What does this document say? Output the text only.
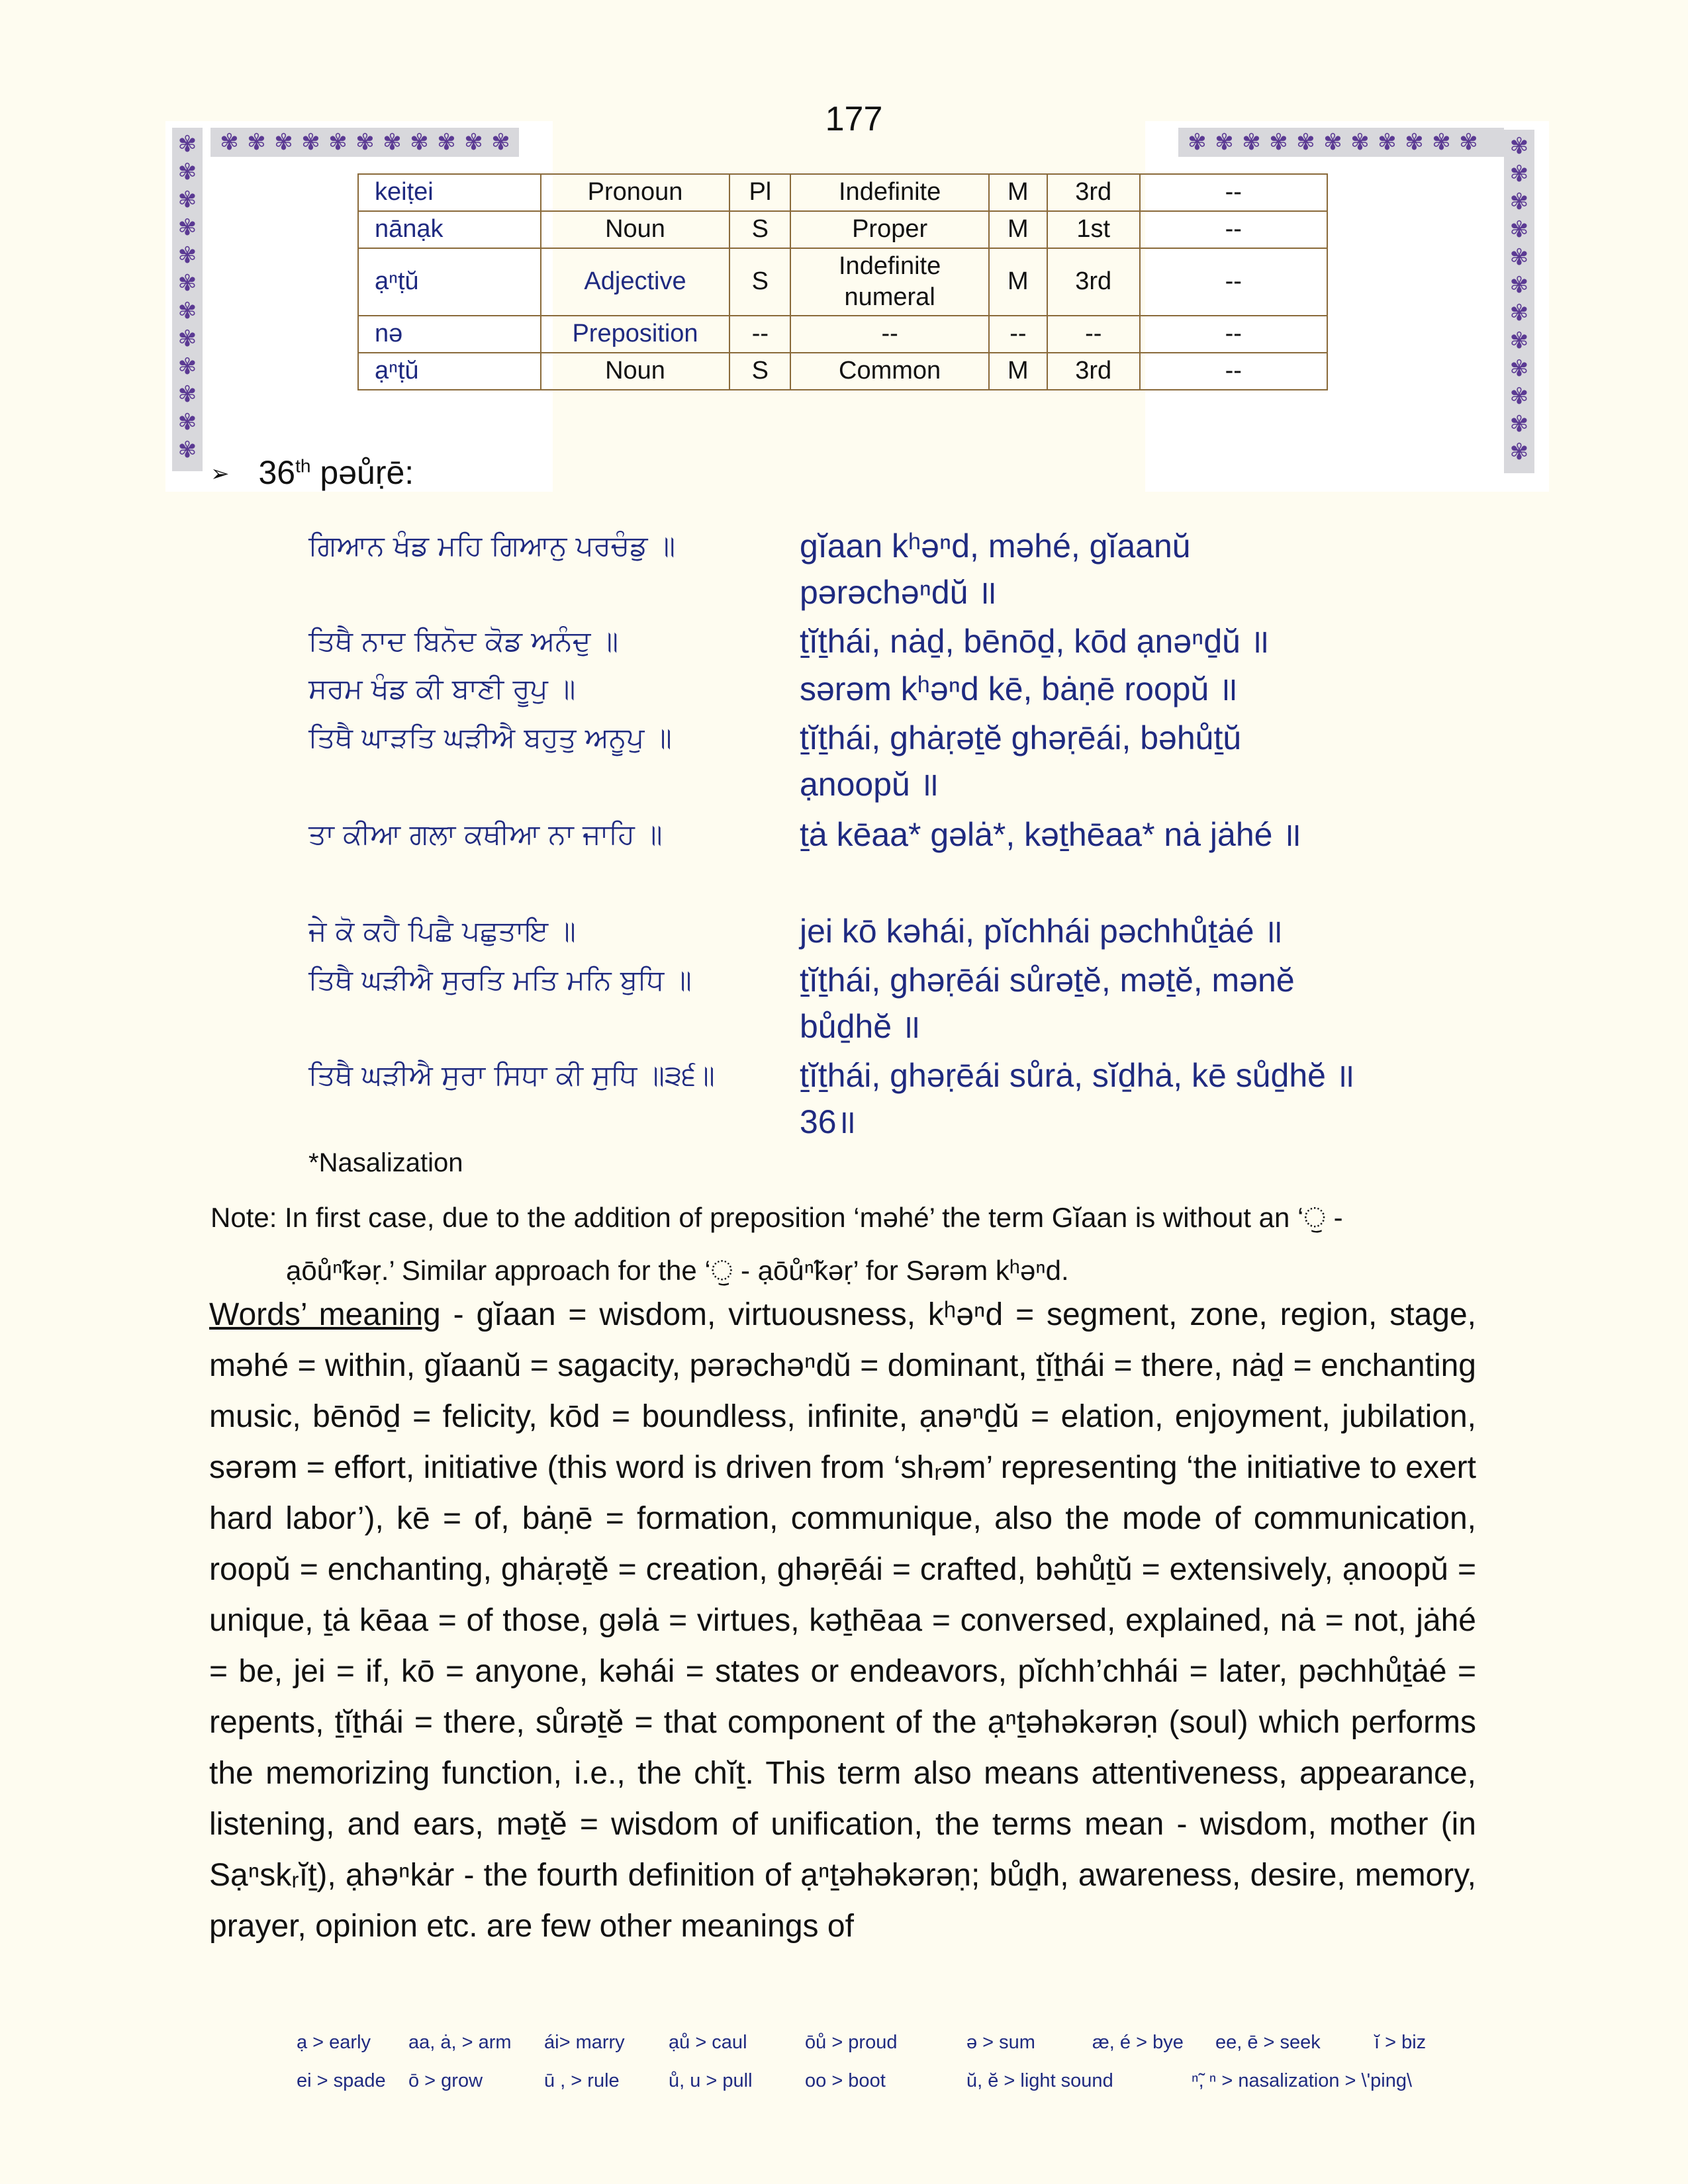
177
✾ ✾ ✾ ✾ ✾ ✾ ✾ ✾ ✾ ✾ ✾	✾ ✾ ✾ ✾ ✾ ✾ ✾ ✾ ✾ ✾ ✾
✾
✾
✾
✾
✾
✾
✾
✾
✾
✾
✾
✾
✾
✾
✾
✾
✾
✾
✾
✾
✾
✾
✾
✾
keiṭei	Pronoun	Pl	Indefinite	M	3rd	--
nānạk	Noun	S	Proper	M	1st	--
ạⁿṭŭ	Adjective	S	Indefinite numeral	M	3rd	--
nə	Preposition	--	--	--	--	--
ạⁿṭŭ	Noun	S	Common	M	3rd	--
➢ 36th pəůṛē:
ਗਿਆਨ ਖੰਡ ਮਹਿ ਗਿਆਨੁ ਪਰਚੰਡੁ ॥	gĭaan kʰəⁿd, məhé, gĭaanŭ pərəchəⁿdŭ ॥
ਤਿਥੈ ਨਾਦ ਬਿਨੋਦ ਕੋਡ ਅਨੰਦੁ ॥	ṯĭṯhái, nȧḏ, bēnōḏ, kōd ạnəⁿḏŭ ॥
ਸਰਮ ਖੰਡ ਕੀ ਬਾਣੀ ਰੂਪੁ ॥	sərəm kʰəⁿd kē, bȧṇē roopŭ ॥
ਤਿਥੈ ਘਾੜਤਿ ਘੜੀਐ ਬਹੁਤੁ ਅਨੂਪੁ ॥	ṯĭṯhái, ghȧṛəṯĕ ghəṛēái, bəhůṯŭ ạnoopŭ ॥
ਤਾ ਕੀਆ ਗਲਾ ਕਥੀਆ ਨਾ ਜਾਹਿ ॥	ṯȧ kēaa* gəlȧ*, kəṯhēaa* nȧ jȧhé ॥
ਜੇ ਕੋ ਕਹੈ ਪਿਛੈ ਪਛੁਤਾਇ ॥	jei kō kəhái, pĭchhái pəchhůṯȧé ॥
ਤਿਥੈ ਘੜੀਐ ਸੁਰਤਿ ਮਤਿ ਮਨਿ ਬੁਧਿ ॥	ṯĭṯhái, ghəṛēái sůrəṯĕ, məṯĕ, mənĕ bůḏhĕ ॥
ਤਿਥੈ ਘੜੀਐ ਸੁਰਾ ਸਿਧਾ ਕੀ ਸੁਧਿ ॥੩੬॥	ṯĭṯhái, ghəṛēái sůrȧ, sĭḏhȧ, kē sůḏhĕ ॥36॥
*Nasalization
Note: In first case, due to the addition of preposition ‘məhé’ the term Gĭaan is without an ‘ੁ -
ạōůⁿ̃kəṛ.’ Similar approach for the ‘ੁ - ạōůⁿ̃kəṛ’ for Sərəm kʰəⁿd.
Words’ meaning - gĭaan = wisdom, virtuousness, kʰəⁿd = segment, zone, region, stage, məhé = within, gĭaanŭ = sagacity, pərəchəⁿdŭ = dominant, ṯĭṯhái = there, nȧḏ = enchanting music, bēnōḏ = felicity, kōd = boundless, infinite, ạnəⁿḏŭ = elation, enjoyment, jubilation, sərəm = effort, initiative (this word is driven from ‘shᵣəm’ representing ‘the initiative to exert hard labor’), kē = of, bȧṇē = formation, communique, also the mode of communication, roopŭ = enchanting, ghȧṛəṯĕ = creation, ghəṛēái = crafted, bəhůṯŭ = extensively, ạnoopŭ = unique, ṯȧ kēaa = of those, gəlȧ = virtues, kəṯhēaa = conversed, explained, nȧ = not, jȧhé = be, jei = if, kō = anyone, kəhái = states or endeavors, pĭchh’chhái = later, pəchhůṯȧé = repents, ṯĭṯhái = there, sůrəṯĕ = that component of the ạⁿṯəhəkərəṇ (soul) which performs the memorizing function, i.e., the chĭṯ. This term also means attentiveness, appearance, listening, and ears, məṯĕ = wisdom of unification, the terms mean - wisdom, mother (in Sạⁿskᵣĭṯ), ạhəⁿkȧr - the fourth definition of ạⁿṯəhəkərəṇ; bůḏh, awareness, desire, memory, prayer, opinion etc. are few other meanings of
ạ > early aa, ȧ, > arm ái> marry ạů > caul	ōů > proud	ə > sum	æ, é > bye ee, ē > seek	ĭ > biz
ei > spade ō > grow	ū , > rule	ů, u > pull	oo > boot	ŭ, ĕ > light sound	ⁿ̃, ⁿ > nasalization > \'ping\
